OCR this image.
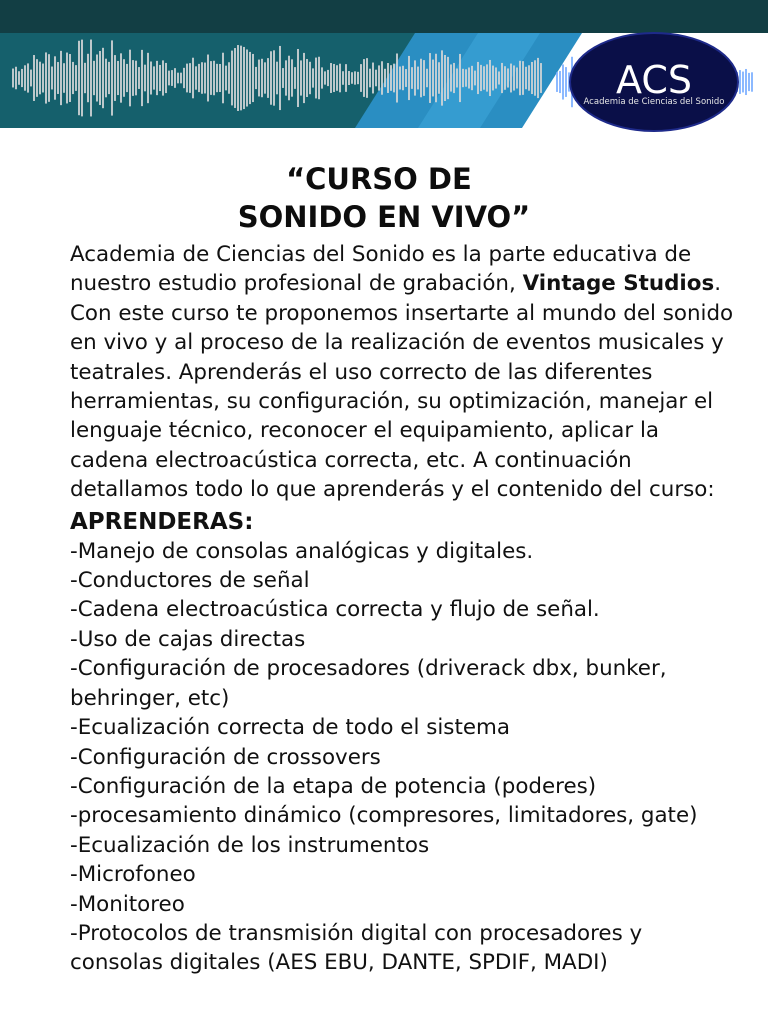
ACS
Academia de Ciencias del Sonido
“CURSO DE
SONIDO EN VIVO”

Academia de Ciencias del Sonido es la parte educativa de nuestro estudio profesional de grabación, Vintage Studios. Con este curso te proponemos insertarte al mundo del sonido en vivo y al proceso de la realización de eventos musicales y teatrales. Aprenderás el uso correcto de las diferentes herramientas, su configuración, su optimización, manejar el lenguaje técnico, reconocer el equipamiento, aplicar la cadena electroacústica correcta, etc. A continuación detallamos todo lo que aprenderás y el contenido del curso:

APRENDERAS:
-Manejo de consolas analógicas y digitales.
-Conductores de señal
-Cadena electroacústica correcta y flujo de señal.
-Uso de cajas directas
-Configuración de procesadores (driverack dbx, bunker, behringer, etc)
-Ecualización correcta de todo el sistema
-Configuración de crossovers
-Configuración de la etapa de potencia (poderes)
-procesamiento dinámico (compresores, limitadores, gate)
-Ecualización de los instrumentos
-Microfoneo
-Monitoreo
-Protocolos de transmisión digital con procesadores y consolas digitales (AES EBU, DANTE, SPDIF, MADI)
